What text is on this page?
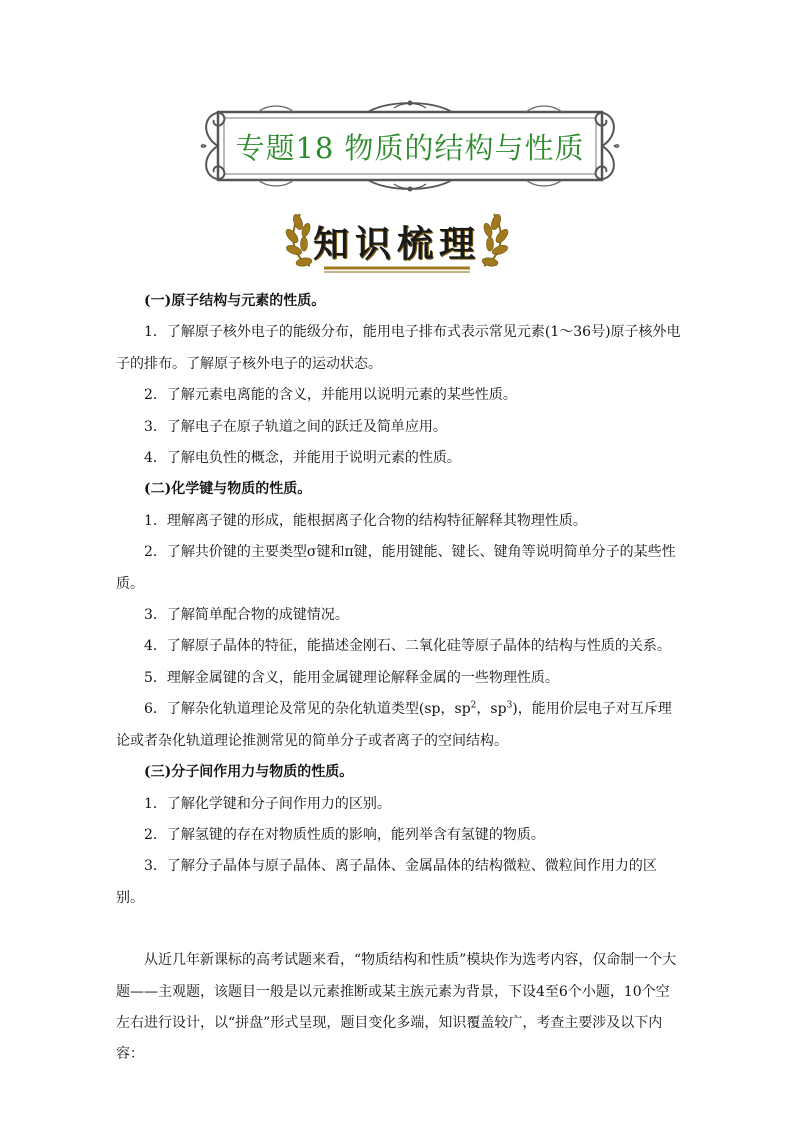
专题18 物质的结构与性质
知识梳理

(一)原子结构与元素的性质。

1．了解原子核外电子的能级分布，能用电子排布式表示常见元素(1～36号)原子核外电子的排布。了解原子核外电子的运动状态。

2．了解元素电离能的含义，并能用以说明元素的某些性质。

3．了解电子在原子轨道之间的跃迁及简单应用。

4．了解电负性的概念，并能用于说明元素的性质。

(二)化学键与物质的性质。

1．理解离子键的形成，能根据离子化合物的结构特征解释其物理性质。

2．了解共价键的主要类型σ键和π键，能用键能、键长、键角等说明简单分子的某些性质。

3．了解简单配合物的成键情况。

4．了解原子晶体的特征，能描述金刚石、二氧化硅等原子晶体的结构与性质的关系。

5．理解金属键的含义，能用金属键理论解释金属的一些物理性质。

6．了解杂化轨道理论及常见的杂化轨道类型(sp，$sp^2$，$sp^3$)，能用价层电子对互斥理论或者杂化轨道理论推测常见的简单分子或者离子的空间结构。

(三)分子间作用力与物质的性质。

1．了解化学键和分子间作用力的区别。

2．了解氢键的存在对物质性质的影响，能列举含有氢键的物质。

3．了解分子晶体与原子晶体、离子晶体、金属晶体的结构微粒、微粒间作用力的区别。

从近几年新课标的高考试题来看，“物质结构和性质”模块作为选考内容，仅命制一个大题——主观题，该题目一般是以元素推断或某主族元素为背景，下设4至6个小题，10个空左右进行设计，以“拼盘”形式呈现，题目变化多端，知识覆盖较广，考查主要涉及以下内容：
